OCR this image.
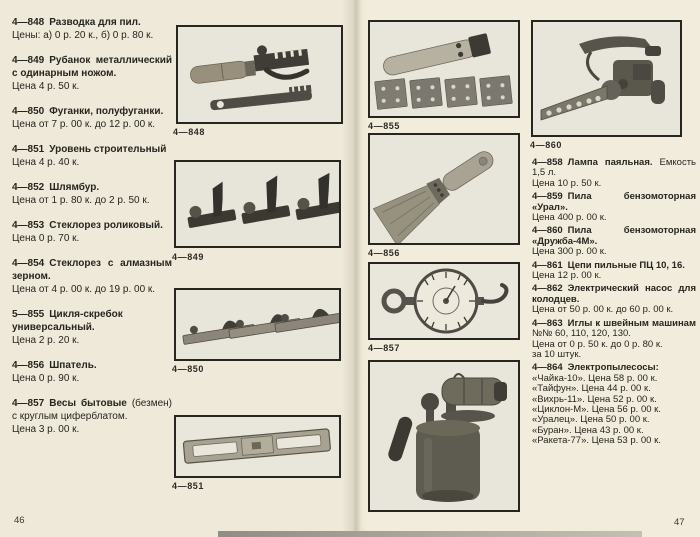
4—848 Разводка для пил.
Цены: а) 0 р. 20 к., б) 0 р. 80 к.
4—849 Рубанок металлический с одинарным ножом.
Цена 4 р. 50 к.
4—850 Фуганки, полуфуганки.
Цена от 7 р. 00 к. до 12 р. 00 к.
4—851 Уровень строительный
Цена 4 р. 40 к.
4—852 Шлямбур.
Цена от 1 р. 80 к. до 2 р. 50 к.
4—853 Стеклорез роликовый.
Цена 0 р. 70 к.
4—854 Стеклорез с алмазным зерном.
Цена от 4 р. 00 к. до 19 р. 00 к.
5—855 Цикля-скребок универсальный.
Цена 2 р. 20 к.
4—856 Шпатель.
Цена 0 р. 90 к.
4—857 Весы бытовые (безмен) с круглым циферблатом.
Цена 3 р. 00 к.
4—848
4—849
4—850
4—851
46
4—855
4—856
4—857
4—860
4—858 Лампа паяльная. Емкость 1,5 л.
Цена 10 р. 50 к.
4—859 Пила бензомоторная «Урал».
Цена 400 р. 00 к.
4—860 Пила бензомоторная «Дружба-4М».
Цена 300 р. 00 к.
4—861 Цепи пильные ПЦ 10, 16.
Цена 12 р. 00 к.
4—862 Электрический насос для колодцев.
Цена от 50 р. 00 к. до 60 р. 00 к.
4—863 Иглы к швейным машинам №№ 60, 110, 120, 130.
Цена от 0 р. 50 к. до 0 р. 80 к.
за 10 штук.
4—864 Электропылесосы:
«Чайка-10». Цена 58 р. 00 к.
«Тайфун». Цена 44 р. 00 к.
«Вихрь-11». Цена 52 р. 00 к.
«Циклон-М». Цена 56 р. 00 к.
«Уралец». Цена 50 р. 00 к.
«Буран». Цена 43 р. 00 к.
«Ракета-77». Цена 53 р. 00 к.
47
